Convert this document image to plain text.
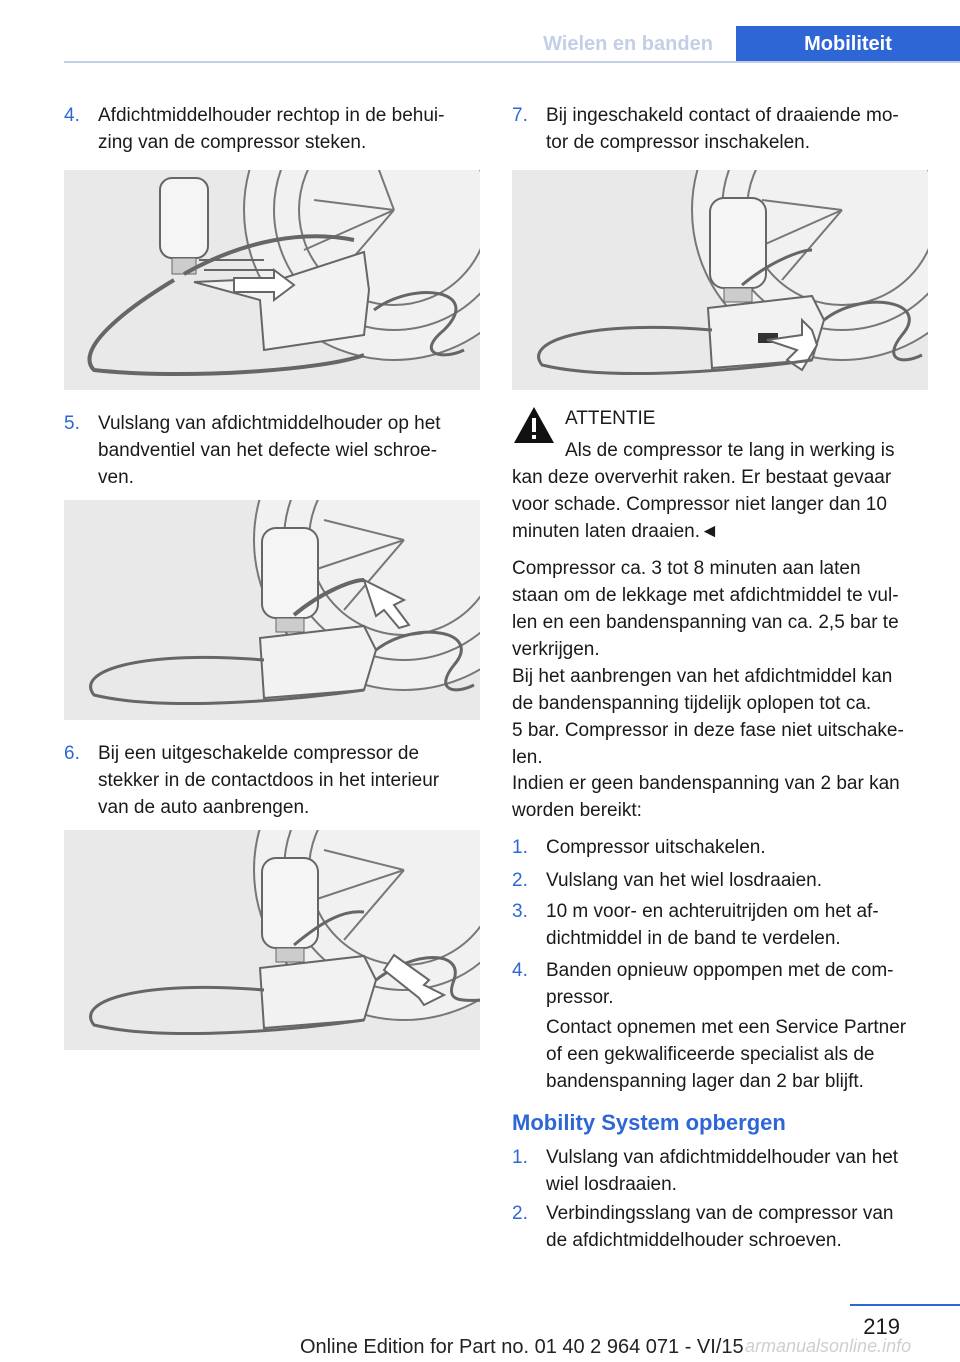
Wielen en banden	Mobiliteit
4. Afdichtmiddelhouder rechtop in de behui‐
zing van de compressor steken.
5. Vulslang van afdichtmiddelhouder op het
bandventiel van het defecte wiel schroe‐
ven.
6. Bij een uitgeschakelde compressor de
stekker in de contactdoos in het interieur
van de auto aanbrengen.
7. Bij ingeschakeld contact of draaiende mo‐
tor de compressor inschakelen.
ATTENTIE
Als de compressor te lang in werking is
kan deze oververhit raken. Er bestaat gevaar
voor schade. Compressor niet langer dan 10
minuten laten draaien.◄
Compressor ca. 3 tot 8 minuten aan laten
staan om de lekkage met afdichtmiddel te vul‐
len en een bandenspanning van ca. 2,5 bar te
verkrijgen.
Bij het aanbrengen van het afdichtmiddel kan
de bandenspanning tijdelijk oplopen tot ca.
5 bar. Compressor in deze fase niet uitschake‐
len.
Indien er geen bandenspanning van 2 bar kan
worden bereikt:
1. Compressor uitschakelen.
2. Vulslang van het wiel losdraaien.
3. 10 m voor- en achteruitrijden om het af‐
dichtmiddel in de band te verdelen.
4. Banden opnieuw oppompen met de com‐
pressor.
Contact opnemen met een Service Partner
of een gekwalificeerde specialist als de
bandenspanning lager dan 2 bar blijft.
Mobility System opbergen
1. Vulslang van afdichtmiddelhouder van het
wiel losdraaien.
2. Verbindingsslang van de compressor van
de afdichtmiddelhouder schroeven.
219
Online Edition for Part no. 01 40 2 964 071 - VI/15 armanualsonline.info
